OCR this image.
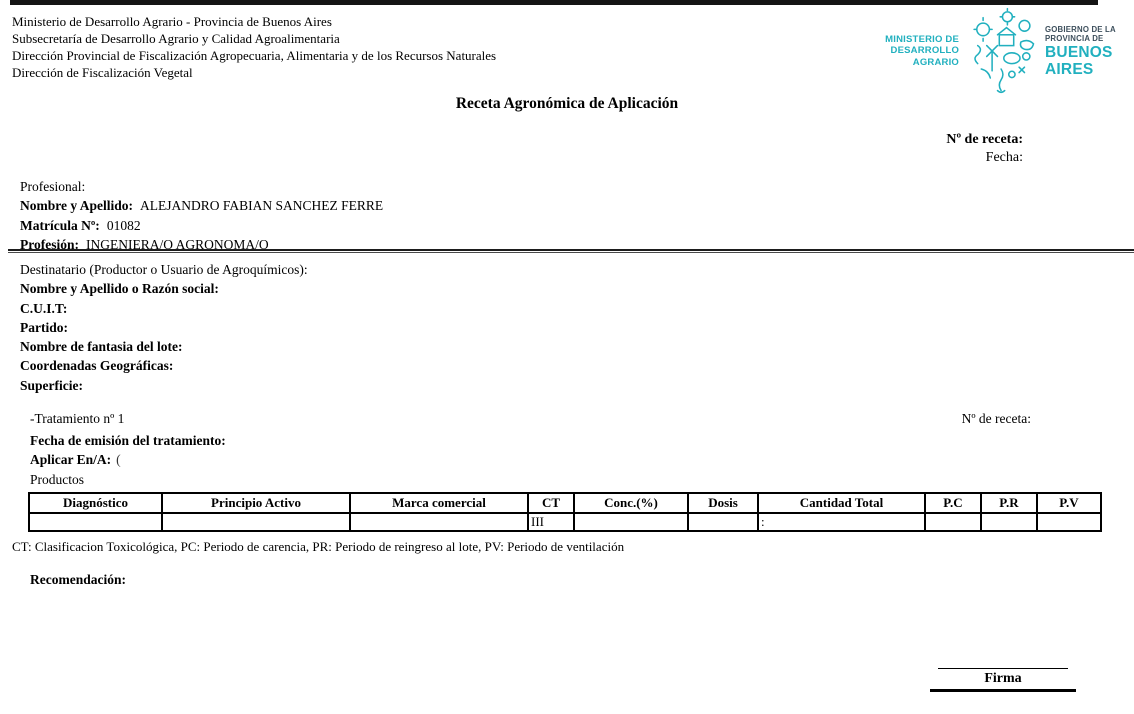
Ministerio de Desarrollo Agrario - Provincia de Buenos Aires
Subsecretaría de Desarrollo Agrario y Calidad Agroalimentaria
Dirección Provincial de Fiscalización Agropecuaria, Alimentaria y de los Recursos Naturales
Dirección de Fiscalización Vegetal
MINISTERIO DE
DESARROLLO
AGRARIO
GOBIERNO DE LA
PROVINCIA DE
BUENOS
AIRES
Receta Agronómica de Aplicación
Nº de receta:
Fecha:
Profesional:
Nombre y Apellido: ALEJANDRO FABIAN SANCHEZ FERRE
Matrícula Nº: 01082
Profesión: INGENIERA/O AGRONOMA/O
Destinatario (Productor o Usuario de Agroquímicos):
Nombre y Apellido o Razón social:
C.U.I.T:
Partido:
Nombre de fantasia del lote:
Coordenadas Geográficas:
Superficie:
-Tratamiento nº 1	Nº de receta:
Fecha de emisión del tratamiento:
Aplicar En/A: (
Productos
Diagnóstico	Principio Activo	Marca comercial	CT	Conc.(%)	Dosis	Cantidad Total	P.C	P.R	P.V
			III			:			
CT: Clasificacion Toxicológica, PC: Periodo de carencia, PR: Periodo de reingreso al lote, PV: Periodo de ventilación
Recomendación:
Firma
